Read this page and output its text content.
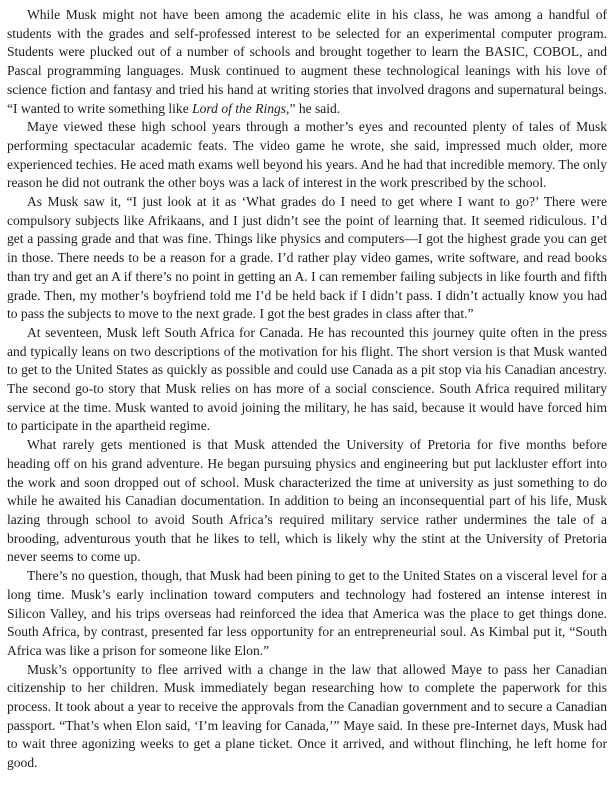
While Musk might not have been among the academic elite in his class, he was among a handful of students with the grades and self-professed interest to be selected for an experimental computer program. Students were plucked out of a number of schools and brought together to learn the BASIC, COBOL, and Pascal programming languages. Musk continued to augment these technological leanings with his love of science fiction and fantasy and tried his hand at writing stories that involved dragons and supernatural beings. “I wanted to write something like Lord of the Rings,” he said.

Maye viewed these high school years through a mother’s eyes and recounted plenty of tales of Musk performing spectacular academic feats. The video game he wrote, she said, impressed much older, more experienced techies. He aced math exams well beyond his years. And he had that incredible memory. The only reason he did not outrank the other boys was a lack of interest in the work prescribed by the school.

As Musk saw it, “I just look at it as ‘What grades do I need to get where I want to go?’ There were compulsory subjects like Afrikaans, and I just didn’t see the point of learning that. It seemed ridiculous. I’d get a passing grade and that was fine. Things like physics and computers—I got the highest grade you can get in those. There needs to be a reason for a grade. I’d rather play video games, write software, and read books than try and get an A if there’s no point in getting an A. I can remember failing subjects in like fourth and fifth grade. Then, my mother’s boyfriend told me I’d be held back if I didn’t pass. I didn’t actually know you had to pass the subjects to move to the next grade. I got the best grades in class after that.”

At seventeen, Musk left South Africa for Canada. He has recounted this journey quite often in the press and typically leans on two descriptions of the motivation for his flight. The short version is that Musk wanted to get to the United States as quickly as possible and could use Canada as a pit stop via his Canadian ancestry. The second go-to story that Musk relies on has more of a social conscience. South Africa required military service at the time. Musk wanted to avoid joining the military, he has said, because it would have forced him to participate in the apartheid regime.

What rarely gets mentioned is that Musk attended the University of Pretoria for five months before heading off on his grand adventure. He began pursuing physics and engineering but put lackluster effort into the work and soon dropped out of school. Musk characterized the time at university as just something to do while he awaited his Canadian documentation. In addition to being an inconsequential part of his life, Musk lazing through school to avoid South Africa’s required military service rather undermines the tale of a brooding, adventurous youth that he likes to tell, which is likely why the stint at the University of Pretoria never seems to come up.

There’s no question, though, that Musk had been pining to get to the United States on a visceral level for a long time. Musk’s early inclination toward computers and technology had fostered an intense interest in Silicon Valley, and his trips overseas had reinforced the idea that America was the place to get things done. South Africa, by contrast, presented far less opportunity for an entrepreneurial soul. As Kimbal put it, “South Africa was like a prison for someone like Elon.”

Musk’s opportunity to flee arrived with a change in the law that allowed Maye to pass her Canadian citizenship to her children. Musk immediately began researching how to complete the paperwork for this process. It took about a year to receive the approvals from the Canadian government and to secure a Canadian passport. “That’s when Elon said, ‘I’m leaving for Canada,’” Maye said. In these pre-Internet days, Musk had to wait three agonizing weeks to get a plane ticket. Once it arrived, and without flinching, he left home for good.
